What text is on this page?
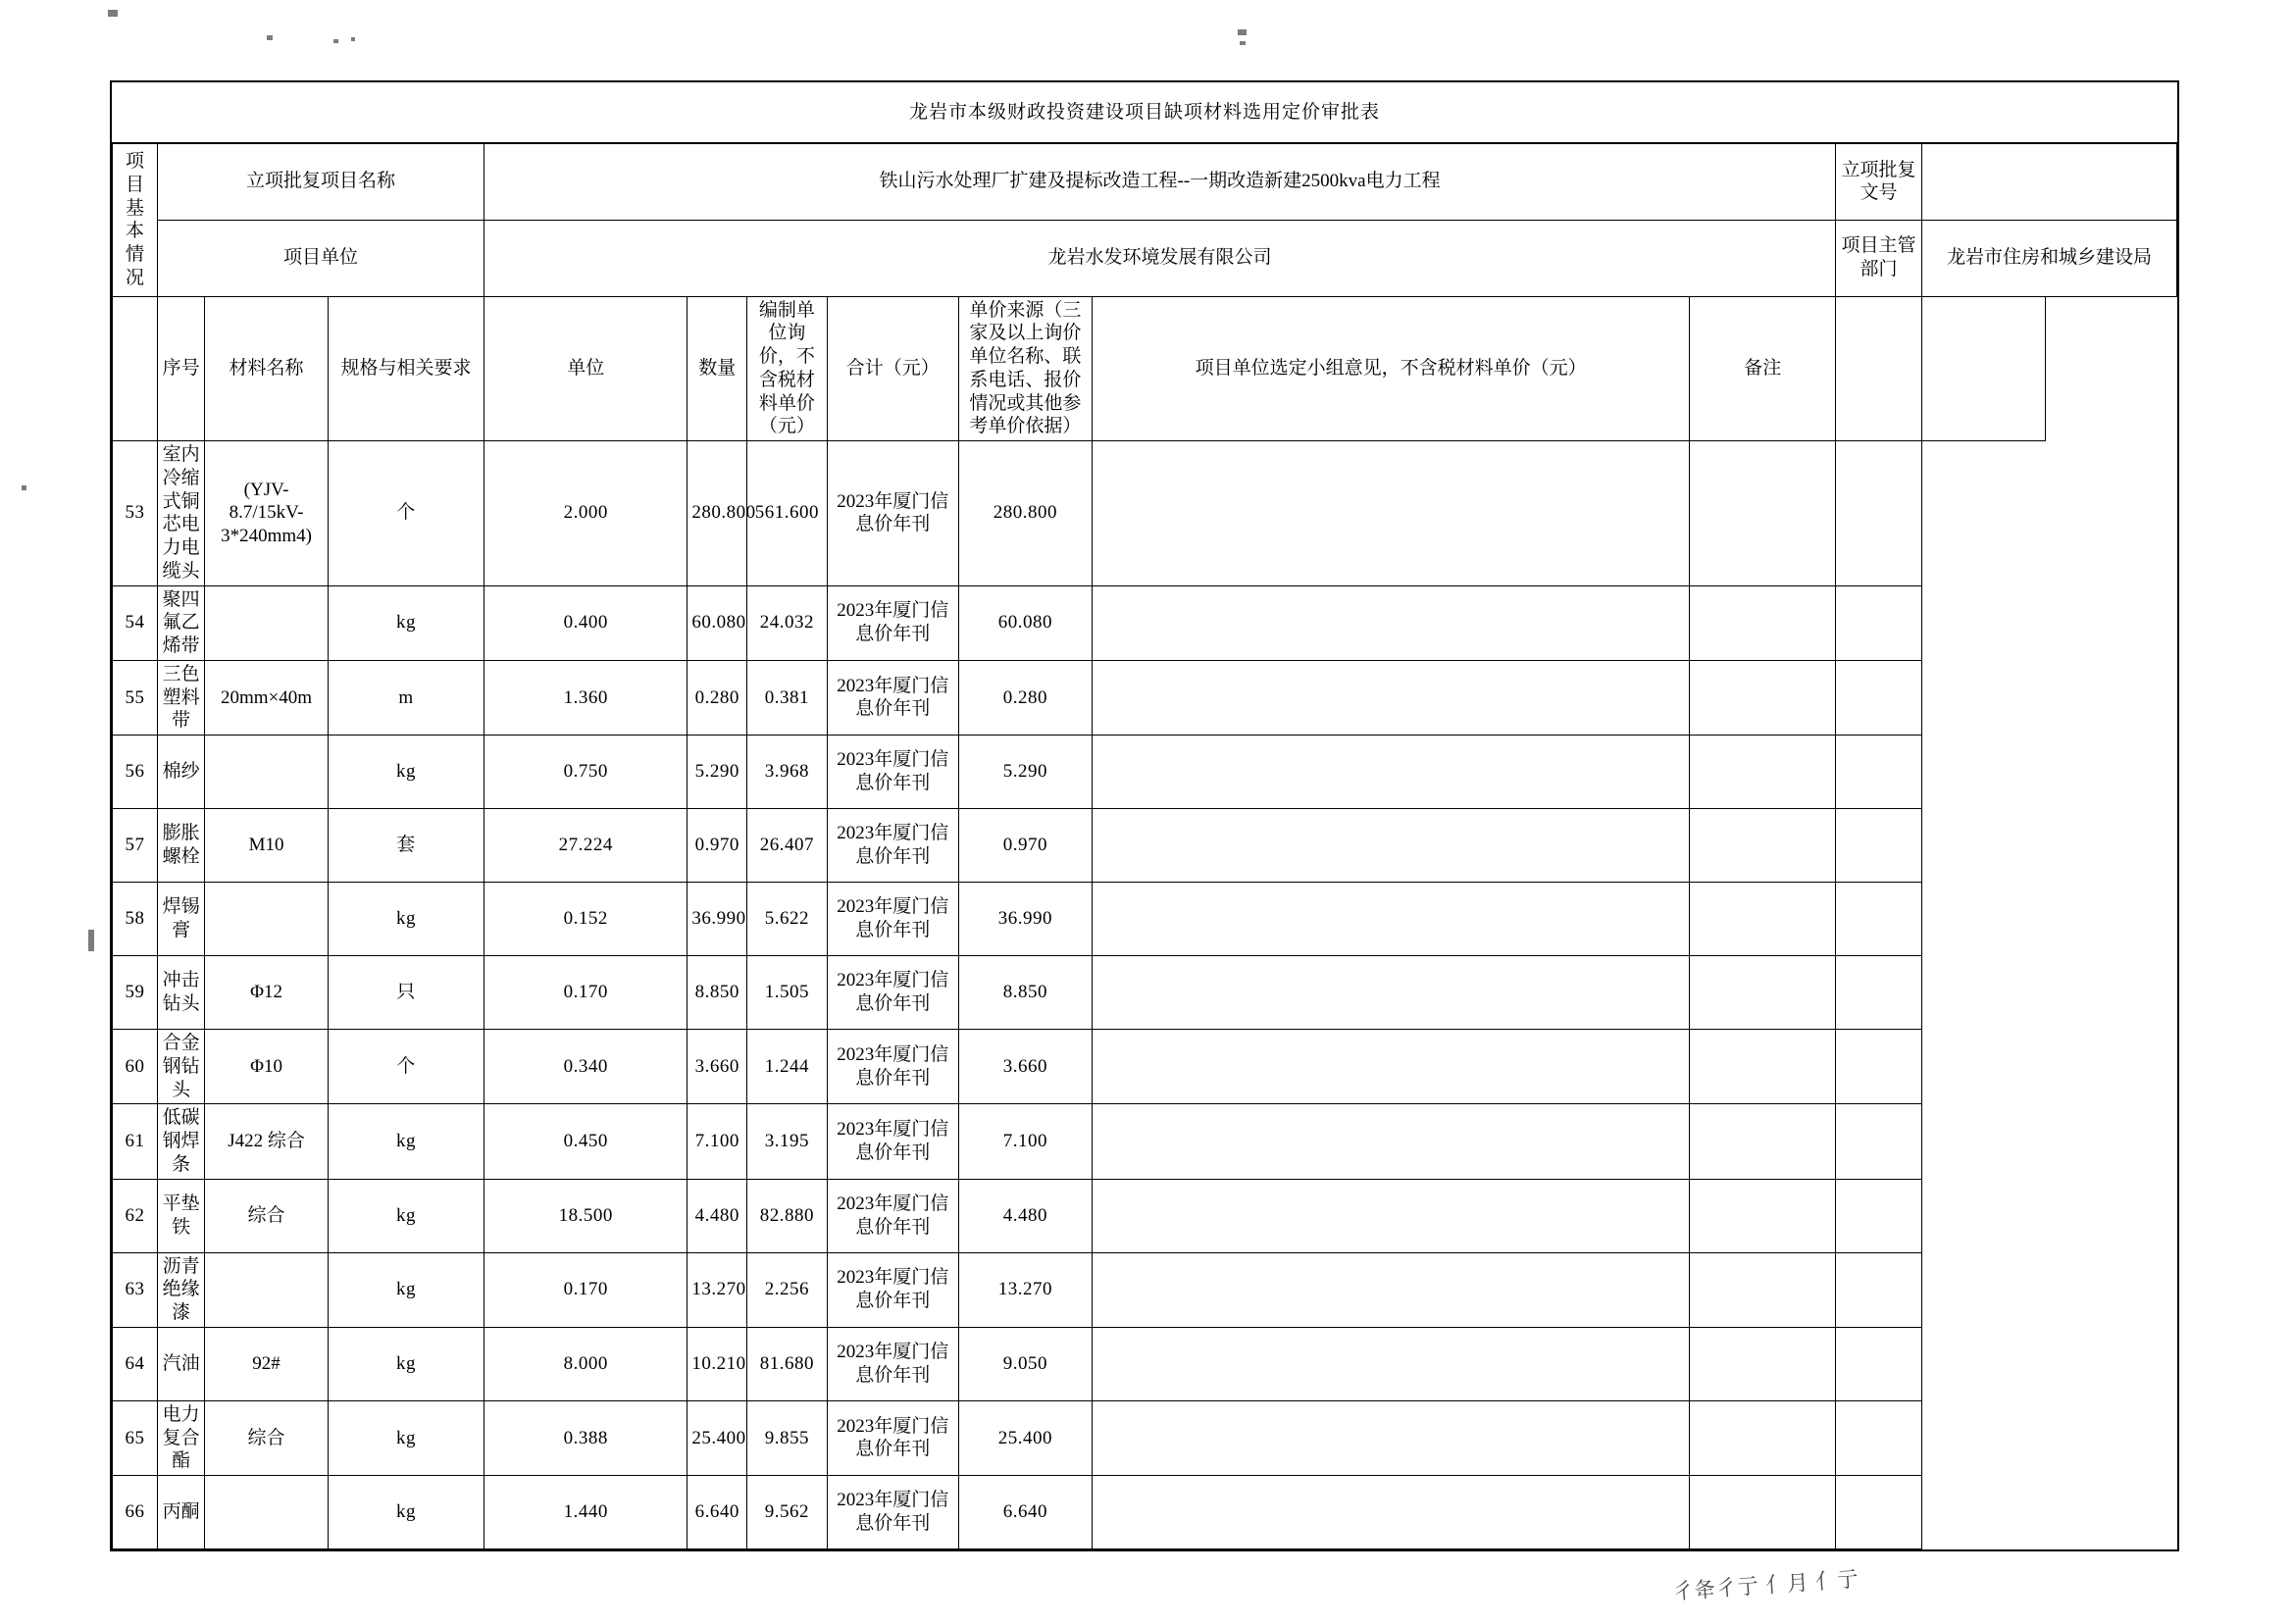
龙岩市本级财政投资建设项目缺项材料选用定价审批表												

项目基本情况	立项批复项目名称			铁山污水处理厂扩建及提标改造工程--一期改造新建2500kva电力工程							立项批复文号	
	项目单位			龙岩水发环境发展有限公司							项目主管部门	龙岩市住房和城乡建设局
	序号	材料名称	规格与相关要求	单位	数量	编制单位询价，不含税材料单价（元）	合计（元）	单价来源（三家及以上询价单位名称、联系电话、报价情况或其他参考单价依据）	项目单位选定小组意见，不含税材料单价（元）	备注		
53	室内冷缩式铜芯电力电缆头	(YJV-8.7/15kV-3*240mm4)	个	2.000	280.800	561.600	2023年厦门信息价年刊	280.800				
54	聚四氟乙烯带		kg	0.400	60.080	24.032	2023年厦门信息价年刊	60.080				
55	三色塑料带	20mm×40m	m	1.360	0.280	0.381	2023年厦门信息价年刊	0.280				
56	棉纱		kg	0.750	5.290	3.968	2023年厦门信息价年刊	5.290				
57	膨胀螺栓	M10	套	27.224	0.970	26.407	2023年厦门信息价年刊	0.970				
58	焊锡膏		kg	0.152	36.990	5.622	2023年厦门信息价年刊	36.990				
59	冲击钻头	Φ12	只	0.170	8.850	1.505	2023年厦门信息价年刊	8.850				
60	合金钢钻头	Φ10	个	0.340	3.660	1.244	2023年厦门信息价年刊	3.660				
61	低碳钢焊条	J422 综合	kg	0.450	7.100	3.195	2023年厦门信息价年刊	7.100				
62	平垫铁	综合	kg	18.500	4.480	82.880	2023年厦门信息价年刊	4.480				
63	沥青绝缘漆		kg	0.170	13.270	2.256	2023年厦门信息价年刊	13.270				
64	汽油	92#	kg	8.000	10.210	81.680	2023年厦门信息价年刊	9.050				
65	电力复合酯	综合	kg	0.388	25.400	9.855	2023年厦门信息价年刊	25.400				
66	丙酮		kg	1.440	6.640	9.562	2023年厦门信息价年刊	6.640				
彳夅彳亍 亻月 亻亍
